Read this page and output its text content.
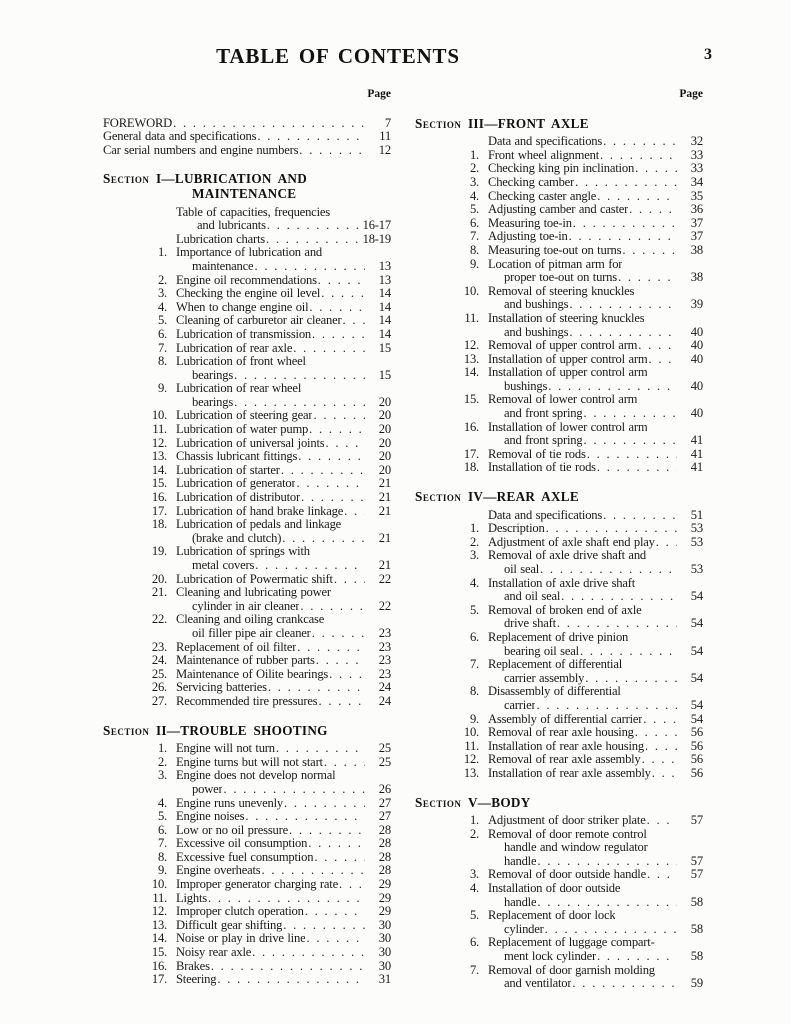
TABLE OF CONTENTS	3
Page
FOREWORD . . .	7
General data and specifications . . .	11
Car serial numbers and engine numbers . . .	12
Section I—LUBRICATION AND
MAINTENANCE
Table of capacities, frequencies
and lubricants . . .	16-17
Lubrication charts . . .	18-19
1. Importance of lubrication and
maintenance . . .	13
2. Engine oil recommendations . . .	13
3. Checking the engine oil level . . .	14
4. When to change engine oil . . .	14
5. Cleaning of carburetor air cleaner . . .	14
6. Lubrication of transmission . . .	14
7. Lubrication of rear axle . . .	15
8. Lubrication of front wheel
bearings . . .	15
9. Lubrication of rear wheel
bearings . . .	20
10. Lubrication of steering gear . . .	20
11. Lubrication of water pump . . .	20
12. Lubrication of universal joints . . .	20
13. Chassis lubricant fittings . . .	20
14. Lubrication of starter . . .	20
15. Lubrication of generator . . .	21
16. Lubrication of distributor . . .	21
17. Lubrication of hand brake linkage . . .	21
18. Lubrication of pedals and linkage
(brake and clutch) . . .	21
19. Lubrication of springs with
metal covers . . .	21
20. Lubrication of Powermatic shift . . .	22
21. Cleaning and lubricating power
cylinder in air cleaner . . .	22
22. Cleaning and oiling crankcase
oil filler pipe air cleaner . . .	23
23. Replacement of oil filter . . .	23
24. Maintenance of rubber parts . . .	23
25. Maintenance of Oilite bearings . . .	23
26. Servicing batteries . . .	24
27. Recommended tire pressures . . .	24
Section II—TROUBLE SHOOTING
1. Engine will not turn . . .	25
2. Engine turns but will not start . . .	25
3. Engine does not develop normal
power . . .	26
4. Engine runs unevenly . . .	27
5. Engine noises . . .	27
6. Low or no oil pressure . . .	28
7. Excessive oil consumption . . .	28
8. Excessive fuel consumption . . .	28
9. Engine overheats . . .	28
10. Improper generator charging rate . . .	29
11. Lights . . .	29
12. Improper clutch operation . . .	29
13. Difficult gear shifting . . .	30
14. Noise or play in drive line . . .	30
15. Noisy rear axle . . .	30
16. Brakes . . .	30
17. Steering . . .	31
Page
Section III—FRONT AXLE
Data and specifications . . .	32
1. Front wheel alignment . . .	33
2. Checking king pin inclination . . .	33
3. Checking camber . . .	34
4. Checking caster angle . . .	35
5. Adjusting camber and caster . . .	36
6. Measuring toe-in . . .	37
7. Adjusting toe-in . . .	37
8. Measuring toe-out on turns . . .	38
9. Location of pitman arm for
proper toe-out on turns . . .	38
10. Removal of steering knuckles
and bushings . . .	39
11. Installation of steering knuckles
and bushings . . .	40
12. Removal of upper control arm . . .	40
13. Installation of upper control arm . . .	40
14. Installation of upper control arm
bushings . . .	40
15. Removal of lower control arm
and front spring . . .	40
16. Installation of lower control arm
and front spring . . .	41
17. Removal of tie rods . . .	41
18. Installation of tie rods . . .	41
Section IV—REAR AXLE
Data and specifications . . .	51
1. Description . . .	53
2. Adjustment of axle shaft end play . . .	53
3. Removal of axle drive shaft and
oil seal . . .	53
4. Installation of axle drive shaft
and oil seal . . .	54
5. Removal of broken end of axle
drive shaft . . .	54
6. Replacement of drive pinion
bearing oil seal . . .	54
7. Replacement of differential
carrier assembly . . .	54
8. Disassembly of differential
carrier . . .	54
9. Assembly of differential carrier . . .	54
10. Removal of rear axle housing . . .	56
11. Installation of rear axle housing . . .	56
12. Removal of rear axle assembly . . .	56
13. Installation of rear axle assembly . . .	56
Section V—BODY
1. Adjustment of door striker plate . . .	57
2. Removal of door remote control
handle and window regulator
handle . . .	57
3. Removal of door outside handle . . .	57
4. Installation of door outside
handle . . .	58
5. Replacement of door lock
cylinder . . .	58
6. Replacement of luggage compart-
ment lock cylinder . . .	58
7. Removal of door garnish molding
and ventilator . . .	59
